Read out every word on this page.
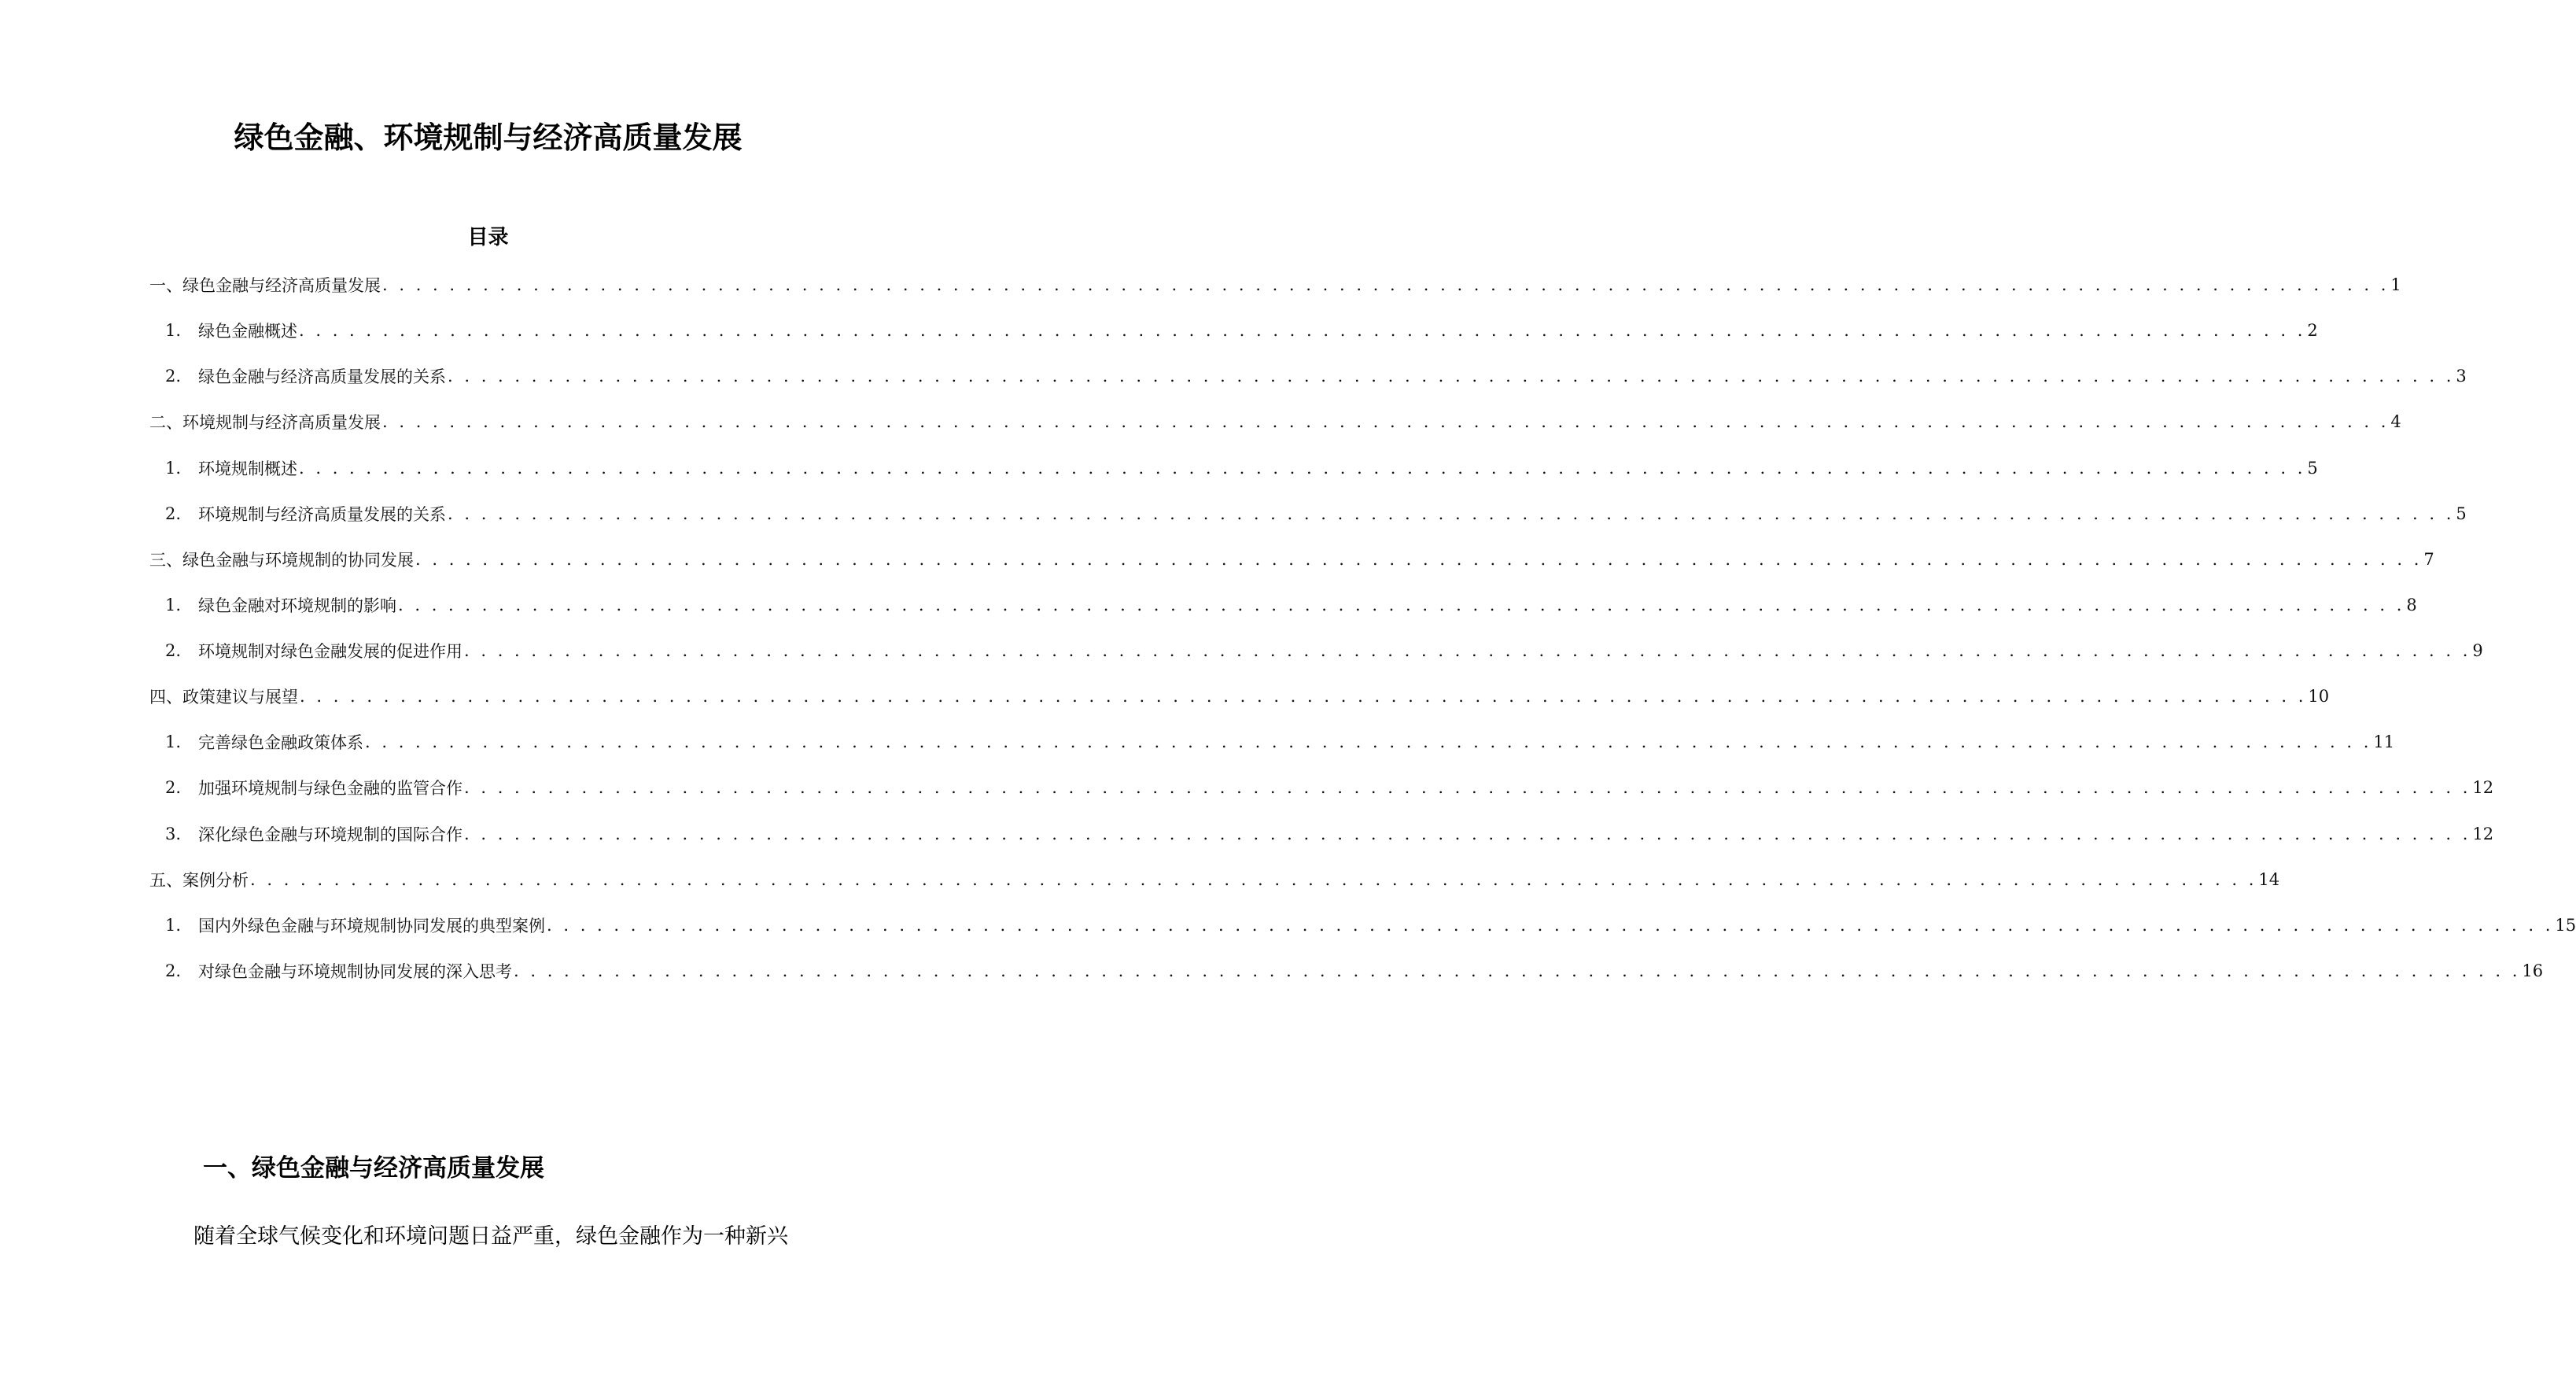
绿色金融、环境规制与经济高质量发展
目录
一、绿色金融与经济高质量发展 . . . . . . . . . . . . . . . . . . . . . . . . . . . . . . . . . . . . . . . . . . . . . . . . . . . . . . . . . . . . . . . . . . . . . . . . . . . . . . . . . . . . . . . . . . . . . . . . . . . . . . . . . . . . . . . . . . . . . . . . 1
1.	绿色金融概述 . . . . . . . . . . . . . . . . . . . . . . . . . . . . . . . . . . . . . . . . . . . . . . . . . . . . . . . . . . . . . . . . . . . . . . . . . . . . . . . . . . . . . . . . . . . . . . . . . . . . . . . . . . . . . . . . . . . . . . . . 2
2.	绿色金融与经济高质量发展的关系 . . . . . . . . . . . . . . . . . . . . . . . . . . . . . . . . . . . . . . . . . . . . . . . . . . . . . . . . . . . . . . . . . . . . . . . . . . . . . . . . . . . . . . . . . . . . . . . . . . . . . . . . . . . . . . . . . . . . . . . . 3
二、环境规制与经济高质量发展 . . . . . . . . . . . . . . . . . . . . . . . . . . . . . . . . . . . . . . . . . . . . . . . . . . . . . . . . . . . . . . . . . . . . . . . . . . . . . . . . . . . . . . . . . . . . . . . . . . . . . . . . . . . . . . . . . . . . . . . . 4
1.	环境规制概述 . . . . . . . . . . . . . . . . . . . . . . . . . . . . . . . . . . . . . . . . . . . . . . . . . . . . . . . . . . . . . . . . . . . . . . . . . . . . . . . . . . . . . . . . . . . . . . . . . . . . . . . . . . . . . . . . . . . . . . . . 5
2.	环境规制与经济高质量发展的关系 . . . . . . . . . . . . . . . . . . . . . . . . . . . . . . . . . . . . . . . . . . . . . . . . . . . . . . . . . . . . . . . . . . . . . . . . . . . . . . . . . . . . . . . . . . . . . . . . . . . . . . . . . . . . . . . . . . . . . . . . 5
三、绿色金融与环境规制的协同发展 . . . . . . . . . . . . . . . . . . . . . . . . . . . . . . . . . . . . . . . . . . . . . . . . . . . . . . . . . . . . . . . . . . . . . . . . . . . . . . . . . . . . . . . . . . . . . . . . . . . . . . . . . . . . . . . . . . . . . . . . 7
1.	绿色金融对环境规制的影响 . . . . . . . . . . . . . . . . . . . . . . . . . . . . . . . . . . . . . . . . . . . . . . . . . . . . . . . . . . . . . . . . . . . . . . . . . . . . . . . . . . . . . . . . . . . . . . . . . . . . . . . . . . . . . . . . . . . . . . . . 8
2.	环境规制对绿色金融发展的促进作用 . . . . . . . . . . . . . . . . . . . . . . . . . . . . . . . . . . . . . . . . . . . . . . . . . . . . . . . . . . . . . . . . . . . . . . . . . . . . . . . . . . . . . . . . . . . . . . . . . . . . . . . . . . . . . . . . . . . . . . . . 9
四、政策建议与展望 . . . . . . . . . . . . . . . . . . . . . . . . . . . . . . . . . . . . . . . . . . . . . . . . . . . . . . . . . . . . . . . . . . . . . . . . . . . . . . . . . . . . . . . . . . . . . . . . . . . . . . . . . . . . . . . . . . . . . . . . 10
1.	完善绿色金融政策体系 . . . . . . . . . . . . . . . . . . . . . . . . . . . . . . . . . . . . . . . . . . . . . . . . . . . . . . . . . . . . . . . . . . . . . . . . . . . . . . . . . . . . . . . . . . . . . . . . . . . . . . . . . . . . . . . . . . . . . . . . 11
2.	加强环境规制与绿色金融的监管合作 . . . . . . . . . . . . . . . . . . . . . . . . . . . . . . . . . . . . . . . . . . . . . . . . . . . . . . . . . . . . . . . . . . . . . . . . . . . . . . . . . . . . . . . . . . . . . . . . . . . . . . . . . . . . . . . . . . . . . . . . 12
3.	深化绿色金融与环境规制的国际合作 . . . . . . . . . . . . . . . . . . . . . . . . . . . . . . . . . . . . . . . . . . . . . . . . . . . . . . . . . . . . . . . . . . . . . . . . . . . . . . . . . . . . . . . . . . . . . . . . . . . . . . . . . . . . . . . . . . . . . . . . 12
五、案例分析 . . . . . . . . . . . . . . . . . . . . . . . . . . . . . . . . . . . . . . . . . . . . . . . . . . . . . . . . . . . . . . . . . . . . . . . . . . . . . . . . . . . . . . . . . . . . . . . . . . . . . . . . . . . . . . . . . . . . . . . . 14
1.	国内外绿色金融与环境规制协同发展的典型案例 . . . . . . . . . . . . . . . . . . . . . . . . . . . . . . . . . . . . . . . . . . . . . . . . . . . . . . . . . . . . . . . . . . . . . . . . . . . . . . . . . . . . . . . . . . . . . . . . . . . . . . . . . . . . . . . . . . . . . . . . 15
2.	对绿色金融与环境规制协同发展的深入思考 . . . . . . . . . . . . . . . . . . . . . . . . . . . . . . . . . . . . . . . . . . . . . . . . . . . . . . . . . . . . . . . . . . . . . . . . . . . . . . . . . . . . . . . . . . . . . . . . . . . . . . . . . . . . . . . . . . . . . . . . 16
一、绿色金融与经济高质量发展
随着全球气候变化和环境问题日益严重，绿色金融作为一种新兴
